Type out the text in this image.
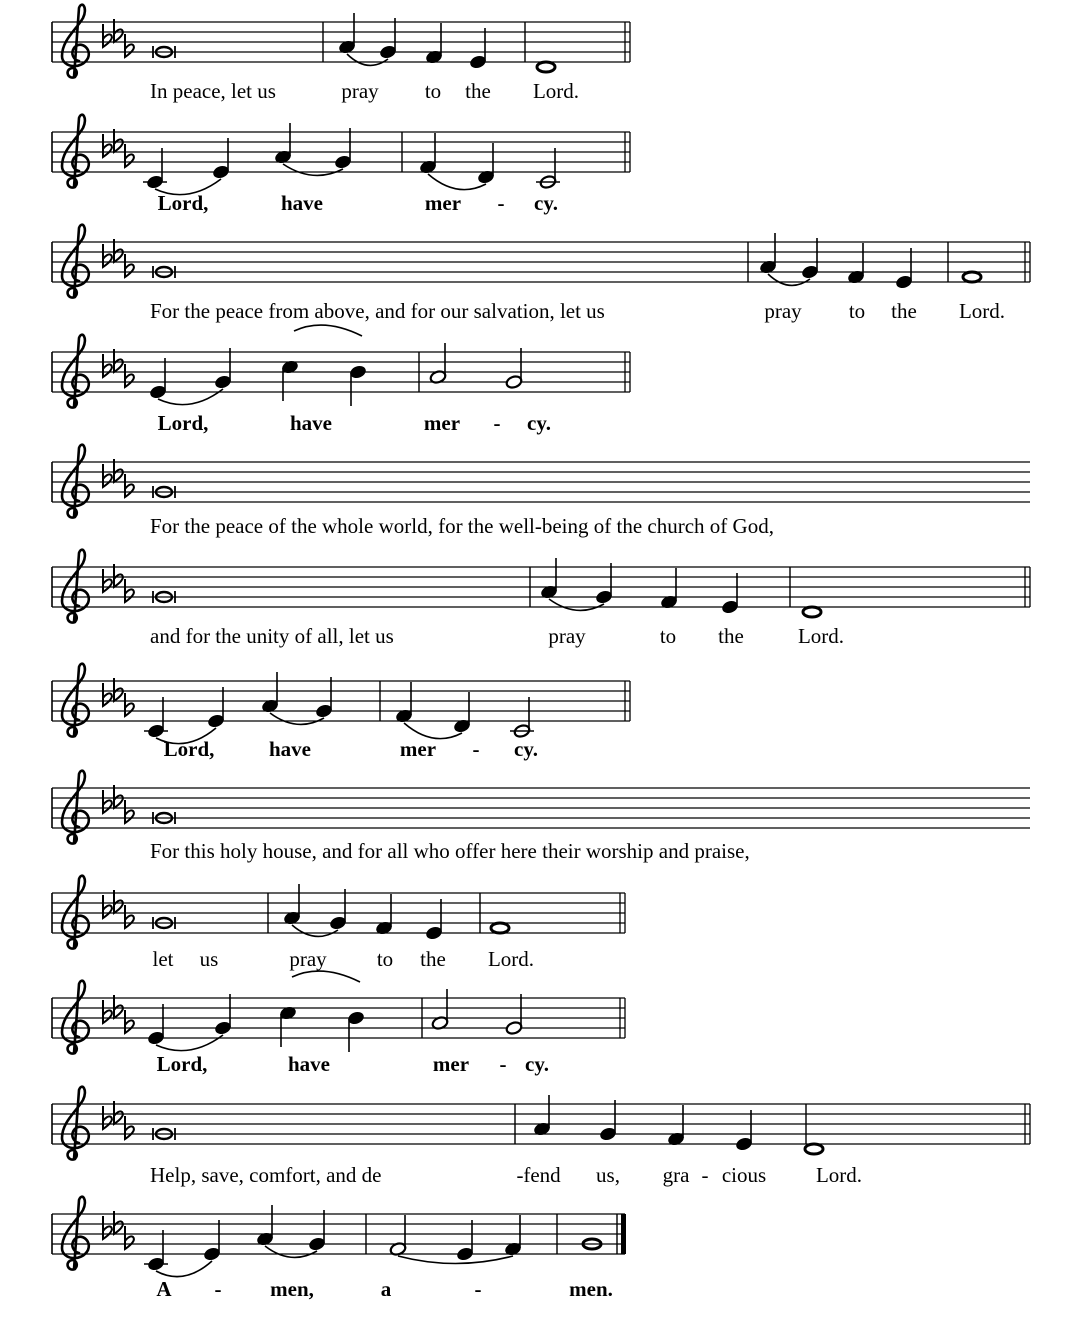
In peace, let us	pray to the Lord.
Lord,	have	mer - cy.
For the peace from above, and for our salvation, let us	pray to the Lord.
Lord,	have	mer - cy.
For the peace of the whole world, for the well-being of the church of God,
and for the unity of all, let us	pray	to the	Lord.
Lord,	have	mer - cy.
For this holy house, and for all who offer here their worship and praise,
let us	pray to the Lord.
Lord,	have	mer - cy.
Help, save, comfort, and de	- fend us, gra - cious Lord.
A - men,	a	-	men.
